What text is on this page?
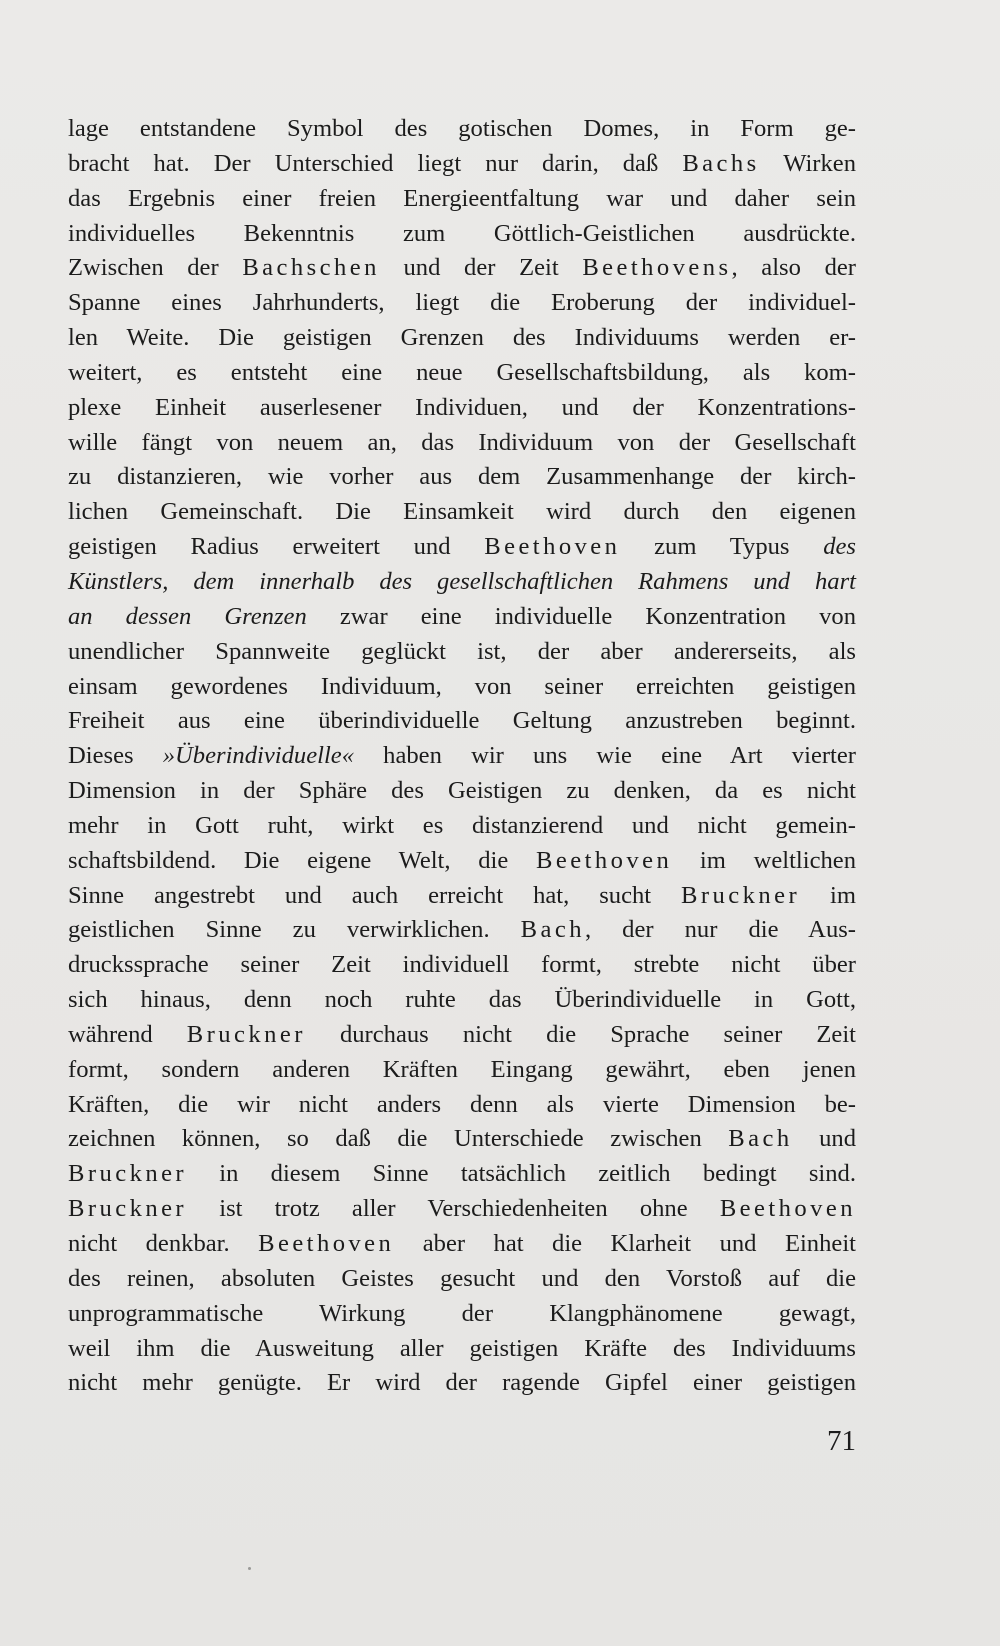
lage entstandene Symbol des gotischen Domes, in Form ge-
bracht hat. Der Unterschied liegt nur darin, daß Bachs Wirken
das Ergebnis einer freien Energieentfaltung war und daher sein
individuelles Bekenntnis zum Göttlich-Geistlichen ausdrückte.
Zwischen der Bachschen und der Zeit Beethovens, also der
Spanne eines Jahrhunderts, liegt die Eroberung der individuel-
len Weite. Die geistigen Grenzen des Individuums werden er-
weitert, es entsteht eine neue Gesellschaftsbildung, als kom-
plexe Einheit auserlesener Individuen, und der Konzentrations-
wille fängt von neuem an, das Individuum von der Gesellschaft
zu distanzieren, wie vorher aus dem Zusammenhange der kirch-
lichen Gemeinschaft. Die Einsamkeit wird durch den eigenen
geistigen Radius erweitert und Beethoven zum Typus des
Künstlers, dem innerhalb des gesellschaftlichen Rahmens und hart
an dessen Grenzen zwar eine individuelle Konzentration von
unendlicher Spannweite geglückt ist, der aber andererseits, als
einsam gewordenes Individuum, von seiner erreichten geistigen
Freiheit aus eine überindividuelle Geltung anzustreben beginnt.
Dieses »Überindividuelle« haben wir uns wie eine Art vierter
Dimension in der Sphäre des Geistigen zu denken, da es nicht
mehr in Gott ruht, wirkt es distanzierend und nicht gemein-
schaftsbildend. Die eigene Welt, die Beethoven im weltlichen
Sinne angestrebt und auch erreicht hat, sucht Bruckner im
geistlichen Sinne zu verwirklichen. Bach, der nur die Aus-
druckssprache seiner Zeit individuell formt, strebte nicht über
sich hinaus, denn noch ruhte das Überindividuelle in Gott,
während Bruckner durchaus nicht die Sprache seiner Zeit
formt, sondern anderen Kräften Eingang gewährt, eben jenen
Kräften, die wir nicht anders denn als vierte Dimension be-
zeichnen können, so daß die Unterschiede zwischen Bach und
Bruckner in diesem Sinne tatsächlich zeitlich bedingt sind.
Bruckner ist trotz aller Verschiedenheiten ohne Beethoven
nicht denkbar. Beethoven aber hat die Klarheit und Einheit
des reinen, absoluten Geistes gesucht und den Vorstoß auf die
unprogrammatische Wirkung der Klangphänomene gewagt,
weil ihm die Ausweitung aller geistigen Kräfte des Individuums
nicht mehr genügte. Er wird der ragende Gipfel einer geistigen
71
